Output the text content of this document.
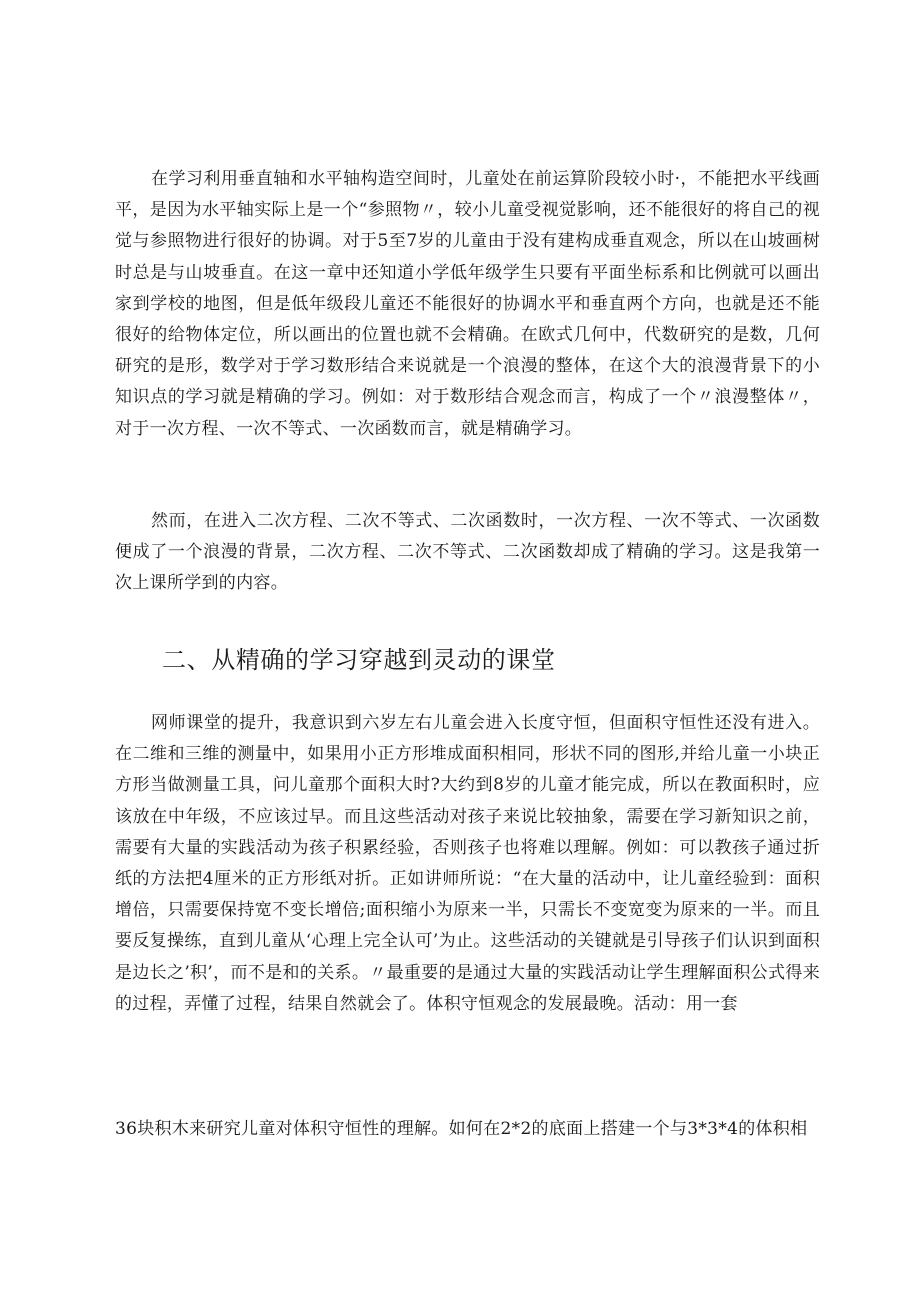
在学习利用垂直轴和水平轴构造空间时，儿童处在前运算阶段较小时·，不能把水平线画平，是因为水平轴实际上是一个“参照物〃，较小儿童受视觉影响，还不能很好的将自己的视觉与参照物进行很好的协调。对于5至7岁的儿童由于没有建构成垂直观念，所以在山坡画树时总是与山坡垂直。在这一章中还知道小学低年级学生只要有平面坐标系和比例就可以画出家到学校的地图，但是低年级段儿童还不能很好的协调水平和垂直两个方向，也就是还不能很好的给物体定位，所以画出的位置也就不会精确。在欧式几何中，代数研究的是数，几何研究的是形，数学对于学习数形结合来说就是一个浪漫的整体，在这个大的浪漫背景下的小知识点的学习就是精确的学习。例如：对于数形结合观念而言，构成了一个〃浪漫整体〃，对于一次方程、一次不等式、一次函数而言，就是精确学习。

然而，在进入二次方程、二次不等式、二次函数时，一次方程、一次不等式、一次函数便成了一个浪漫的背景，二次方程、二次不等式、二次函数却成了精确的学习。这是我第一次上课所学到的内容。

二、从精确的学习穿越到灵动的课堂

网师课堂的提升，我意识到六岁左右儿童会进入长度守恒，但面积守恒性还没有进入。在二维和三维的测量中，如果用小正方形堆成面积相同，形状不同的图形,并给儿童一小块正方形当做测量工具，问儿童那个面积大时?大约到8岁的儿童才能完成，所以在教面积时，应该放在中年级，不应该过早。而且这些活动对孩子来说比较抽象，需要在学习新知识之前，需要有大量的实践活动为孩子积累经验，否则孩子也将难以理解。例如：可以教孩子通过折纸的方法把4厘米的正方形纸对折。正如讲师所说：“在大量的活动中，让儿童经验到：面积增倍，只需要保持宽不变长增倍;面积缩小为原来一半，只需长不变宽变为原来的一半。而且要反复操练，直到儿童从‘心理上完全认可’为止。这些活动的关键就是引导孩子们认识到面积是边长之’积’，而不是和的关系。〃最重要的是通过大量的实践活动让学生理解面积公式得来的过程，弄懂了过程，结果自然就会了。体积守恒观念的发展最晚。活动：用一套

36块积木来研究儿童对体积守恒性的理解。如何在2*2的底面上搭建一个与3*3*4的体积相
